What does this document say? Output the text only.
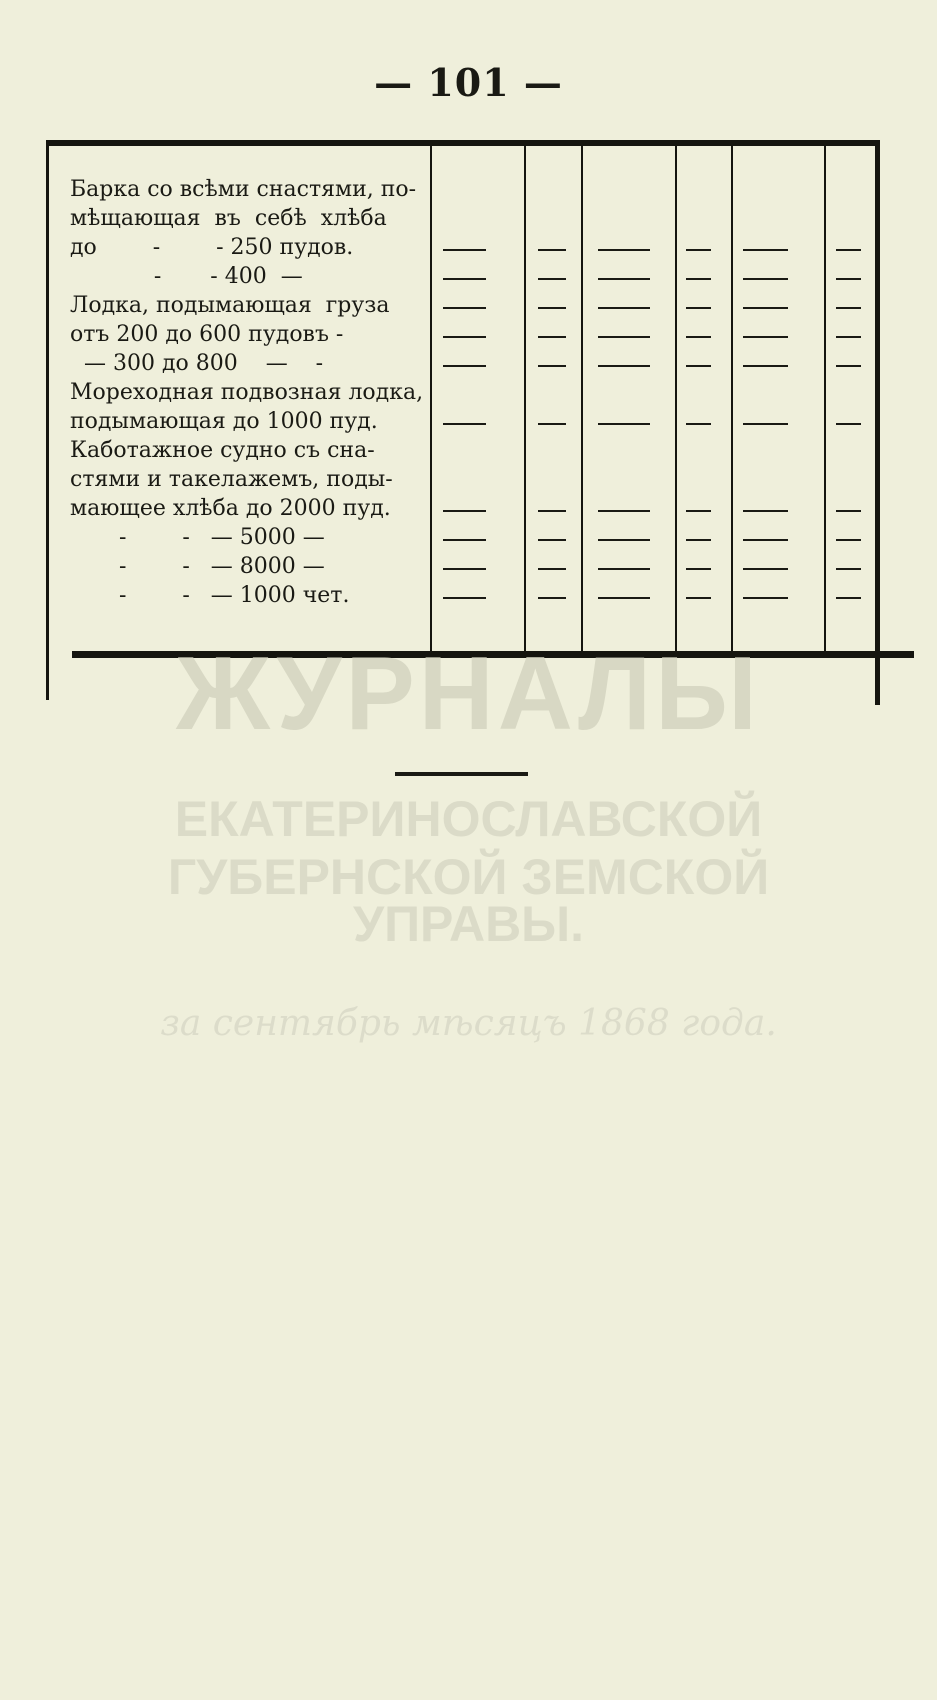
— 101 —
Барка со всѣми снастями, по-
мѣщающая  въ  себѣ  хлѣба
до        -        - 250 пудов.
-       - 400  —
Лодка, подымающая  груза
отъ 200 до 600 пудовъ -
— 300 до 800    —    -
Мореходная подвозная лодка,
подымающая до 1000 пуд.
Каботажное судно съ сна-
стями и такелажемъ, поды-
мающее хлѣба до 2000 пуд.
-        -   — 5000 —
-        -   — 8000 —
-        -   — 1000 чет.
ЖУРНАЛЫ
ЕКАТЕРИНОСЛАВСКОЙ ГУБЕРНСКОЙ ЗЕМСКОЙ
УПРАВЫ.
за сентябрь мѣсяцъ 1868 года.
